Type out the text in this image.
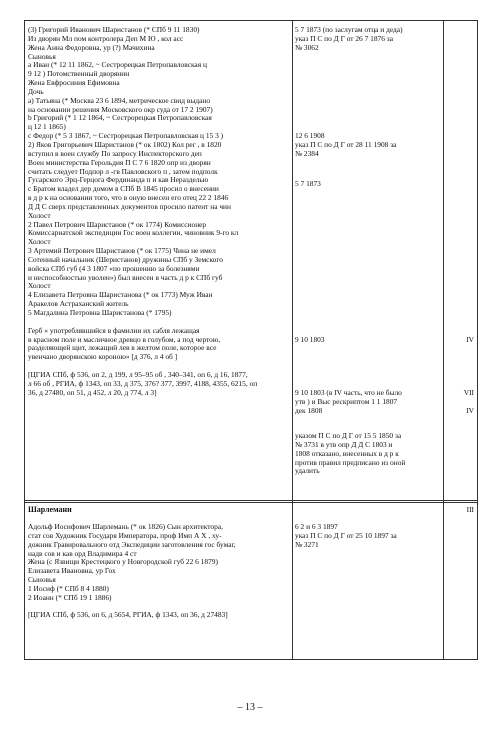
(3) Григорий Иванович Шаристанов (* СПб 9 11 1830)
Из дворян Мл пом контролера Деп М Ю , кол асс
Жена Анна Федоровна, ур (?) Мачихина
Сыновья
а Иван (* 12 11 1862, ~ Сестрорецкая Петропавловская ц
9 12 ) Потомственный дворянин
Жена Евфросиния Ефимовна
Дочь
а) Татьяна (* Москва 23 6 1894, метрическое свид выдано
на основании решения Московского окр суда от 17 2 1907)
b Григорий (* 1 12 1864, ~ Сестрорецкая Петропавловская
ц 12 1 1865)
c Федор (* 5 3 1867, ~ Сестрорецкая Петропавловская ц 15 3 )
2) Яков Григорьевич Шаристанов (* ок 1802) Кол рег , в 1820
вступил в воен службу По запросу Инспекторского деп
Воен министерства Герольдия П С 7 6 1820 опр из дворян
считать следует Подпор л -гв Павловского п , затем подполк
Гусарского Эрц-Герцога Фердинанда п и кав Неразделью
с Братом владел дер домом в СПб В 1845 просил о внесении
в д р к на основании того, что в оную внесен его отец 22 2 1846
Д Д С сверх представленных документов просило патент на чин
Холост
2 Павел Петрович Шаристанов (* ок 1774) Комиссионер
Комиссариатской экспедиции Гос воен коллегии, чиновник 9-го кл
Холост
3 Артемий Петрович Шаристанов (* ок 1775) Чина не имел
Сотенный начальник (Шеристанов) дружины СПб у Земского
войска СПб губ (4 3 1807 «по прошению за болезнями
и неспособностью уволен») был внесен в часть д р к СПб губ
Холост
4 Елизавета Петровна Шаристанова (* ок 1773) Муж Иван
Аракелов Астраханский житель
5 Магдалина Петровна Шаристанова (* 1795)

Герб « употреблявшийся в фамилии их сабля лежащая
в красном поле и масличное древцо в голубом, а под чертою,
разделяющей щит, лежащий лев в желтом поле, которое все
увенчано дворянскою короною» [д 376, л 4 об ]

[ЦГИА СПб, ф 536, оп 2, д 199, л 95–95 об , 340–341, оп 6, д 16, 1877,
л 66 об , РГИА, ф 1343, оп 33, д 375, 376? 377, 3997, 4188, 4355, 6215, оп
36, д 27480, оп 51, д 452, л 20, д 774, л 3]
5 7 1873 (по заслугам отца и деда)
указ П С по Д Г от 26 7 1876 за
№ 3062
12 6 1908
указ П С по Д Г от 28 11 1908 за
№ 2384
5 7 1873
9 10 1803
9 10 1803 (в IV часть, что не было
утв ) и Выс рескриптом 1 1 1807
дек 1808
указом П С по Д Г от 15 5 1850 за
№ 3731 в утв опр Д Д С 1803 и
1808 отказано, внесенных в д р к
против правил предписано из оной
удалить
IV
VII
IV
Шарлемани	III
Адольф Иосифович Шарлемань (* ок 1826) Сын архитектора,
стат сов Художник Государя Императора, проф Имп А Х , ху-
дожник Гравировального отд Экспедиции заготовления гос бумаг,
надв сов и кав орд Владимира 4 ст
Жена (с Язвищи Крестецкого у Новгородской губ 22 6 1879)
Елизавета Ивановна, ур Гох
Сыновья
1 Иосиф (* СПб 8 4 1880)
2 Иоанн (* СПб 19 1 1886)

[ЦГИА СПб, ф 536, оп 6, д 5654, РГИА, ф 1343, оп 36, д 27483]
6 2 и 6 3 1897
указ П С по Д Г от 25 10 1897 за
№ 3271
– 13 –
